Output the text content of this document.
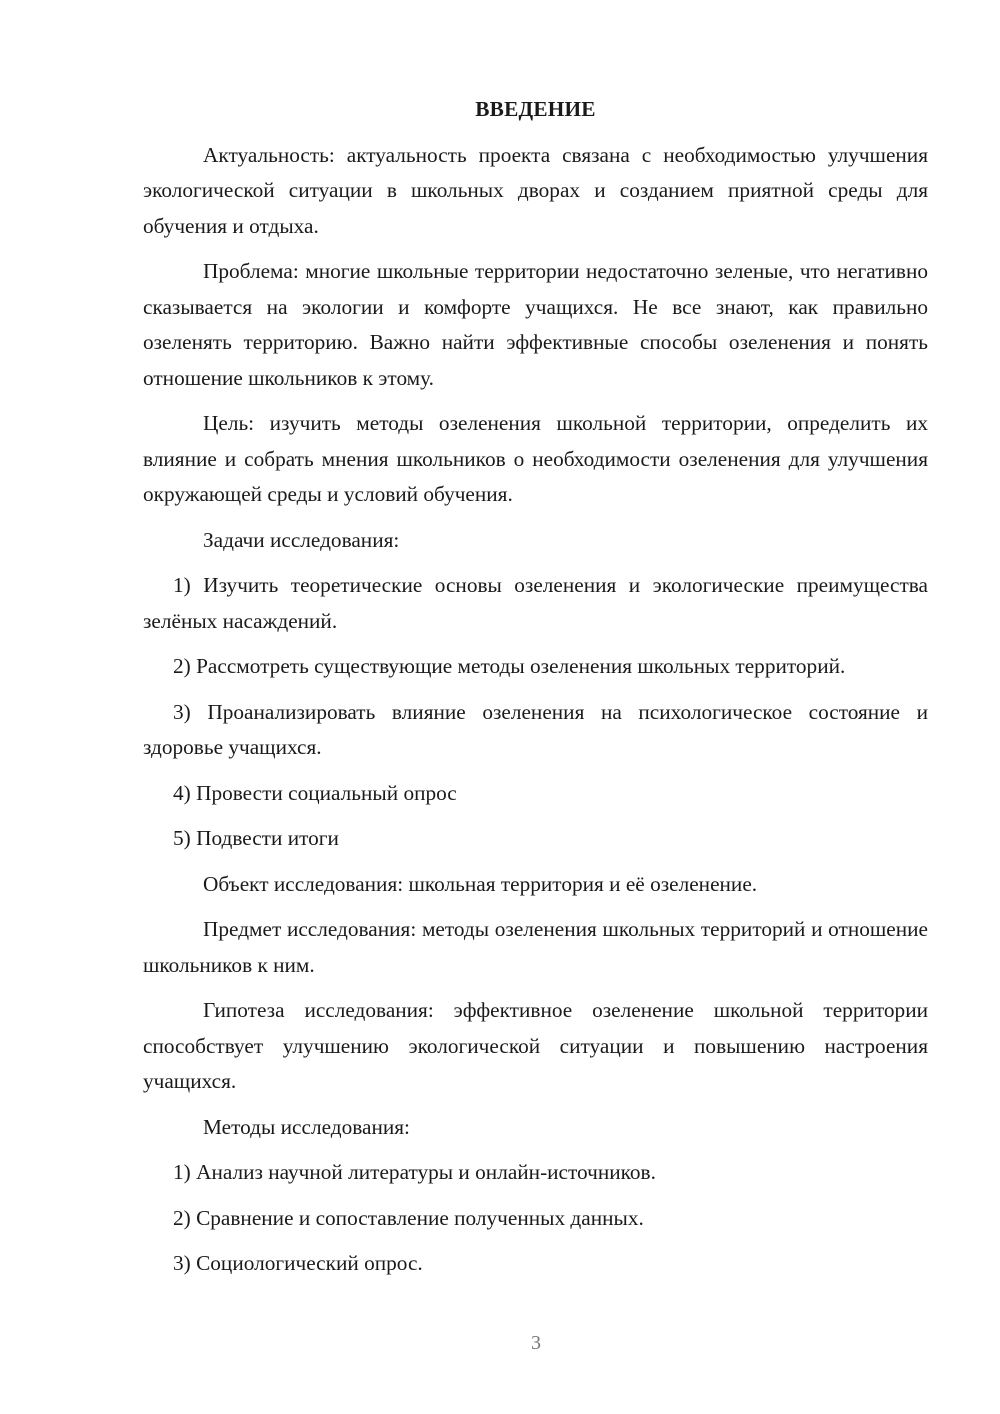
ВВЕДЕНИЕ

Актуальность: актуальность проекта связана с необходимостью улучшения экологической ситуации в школьных дворах и созданием приятной среды для обучения и отдыха.

Проблема: многие школьные территории недостаточно зеленые, что негативно сказывается на экологии и комфорте учащихся. Не все знают, как правильно озеленять территорию. Важно найти эффективные способы озеленения и понять отношение школьников к этому.

Цель: изучить методы озеленения школьной территории, определить их влияние и собрать мнения школьников о необходимости озеленения для улучшения окружающей среды и условий обучения.

Задачи исследования:

1) Изучить теоретические основы озеленения и экологические преимущества зелёных насаждений.

2) Рассмотреть существующие методы озеленения школьных территорий.

3) Проанализировать влияние озеленения на психологическое состояние и здоровье учащихся.

4) Провести социальный опрос

5) Подвести итоги

Объект исследования: школьная территория и её озеленение.

Предмет исследования: методы озеленения школьных территорий и отношение школьников к ним.

Гипотеза исследования: эффективное озеленение школьной территории способствует улучшению экологической ситуации и повышению настроения учащихся.

Методы исследования:

1) Анализ научной литературы и онлайн-источников.

2) Сравнение и сопоставление полученных данных.

3) Социологический опрос.

3
